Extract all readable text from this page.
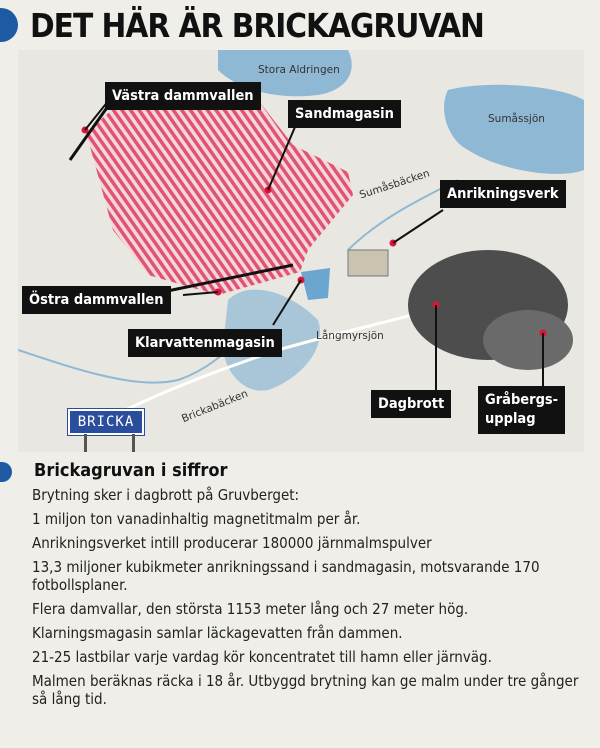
DET HÄR ÄR BRICKAGRUVAN
Västra dammvallen
Sandmagasin
Anrikningsverk
Östra dammvallen
Klarvattenmagasin
Dagbrott	Gråbergs-
upplag
Stora Aldringen
Sumåssjön
Sumåsbäcken
Långmyrsjön
Brickabäcken
BRICKA
Brickagruvan i siffror
Brytning sker i dagbrott på Gruvberget:
1 miljon ton vanadinhaltig magnetitmalm per år.
Anrikningsverket intill producerar 180000 järnmalmspulver
13,3 miljoner kubikmeter anrikningssand i sandmagasin, motsvarande 170 fotbollsplaner.
Flera damvallar, den största 1153 meter lång och 27 meter hög.
Klarningsmagasin samlar läckagevatten från dammen.
21-25 lastbilar varje vardag kör koncentratet till hamn eller järnväg.
Malmen beräknas räcka i 18 år. Utbyggd brytning kan ge malm under tre gånger så lång tid.
